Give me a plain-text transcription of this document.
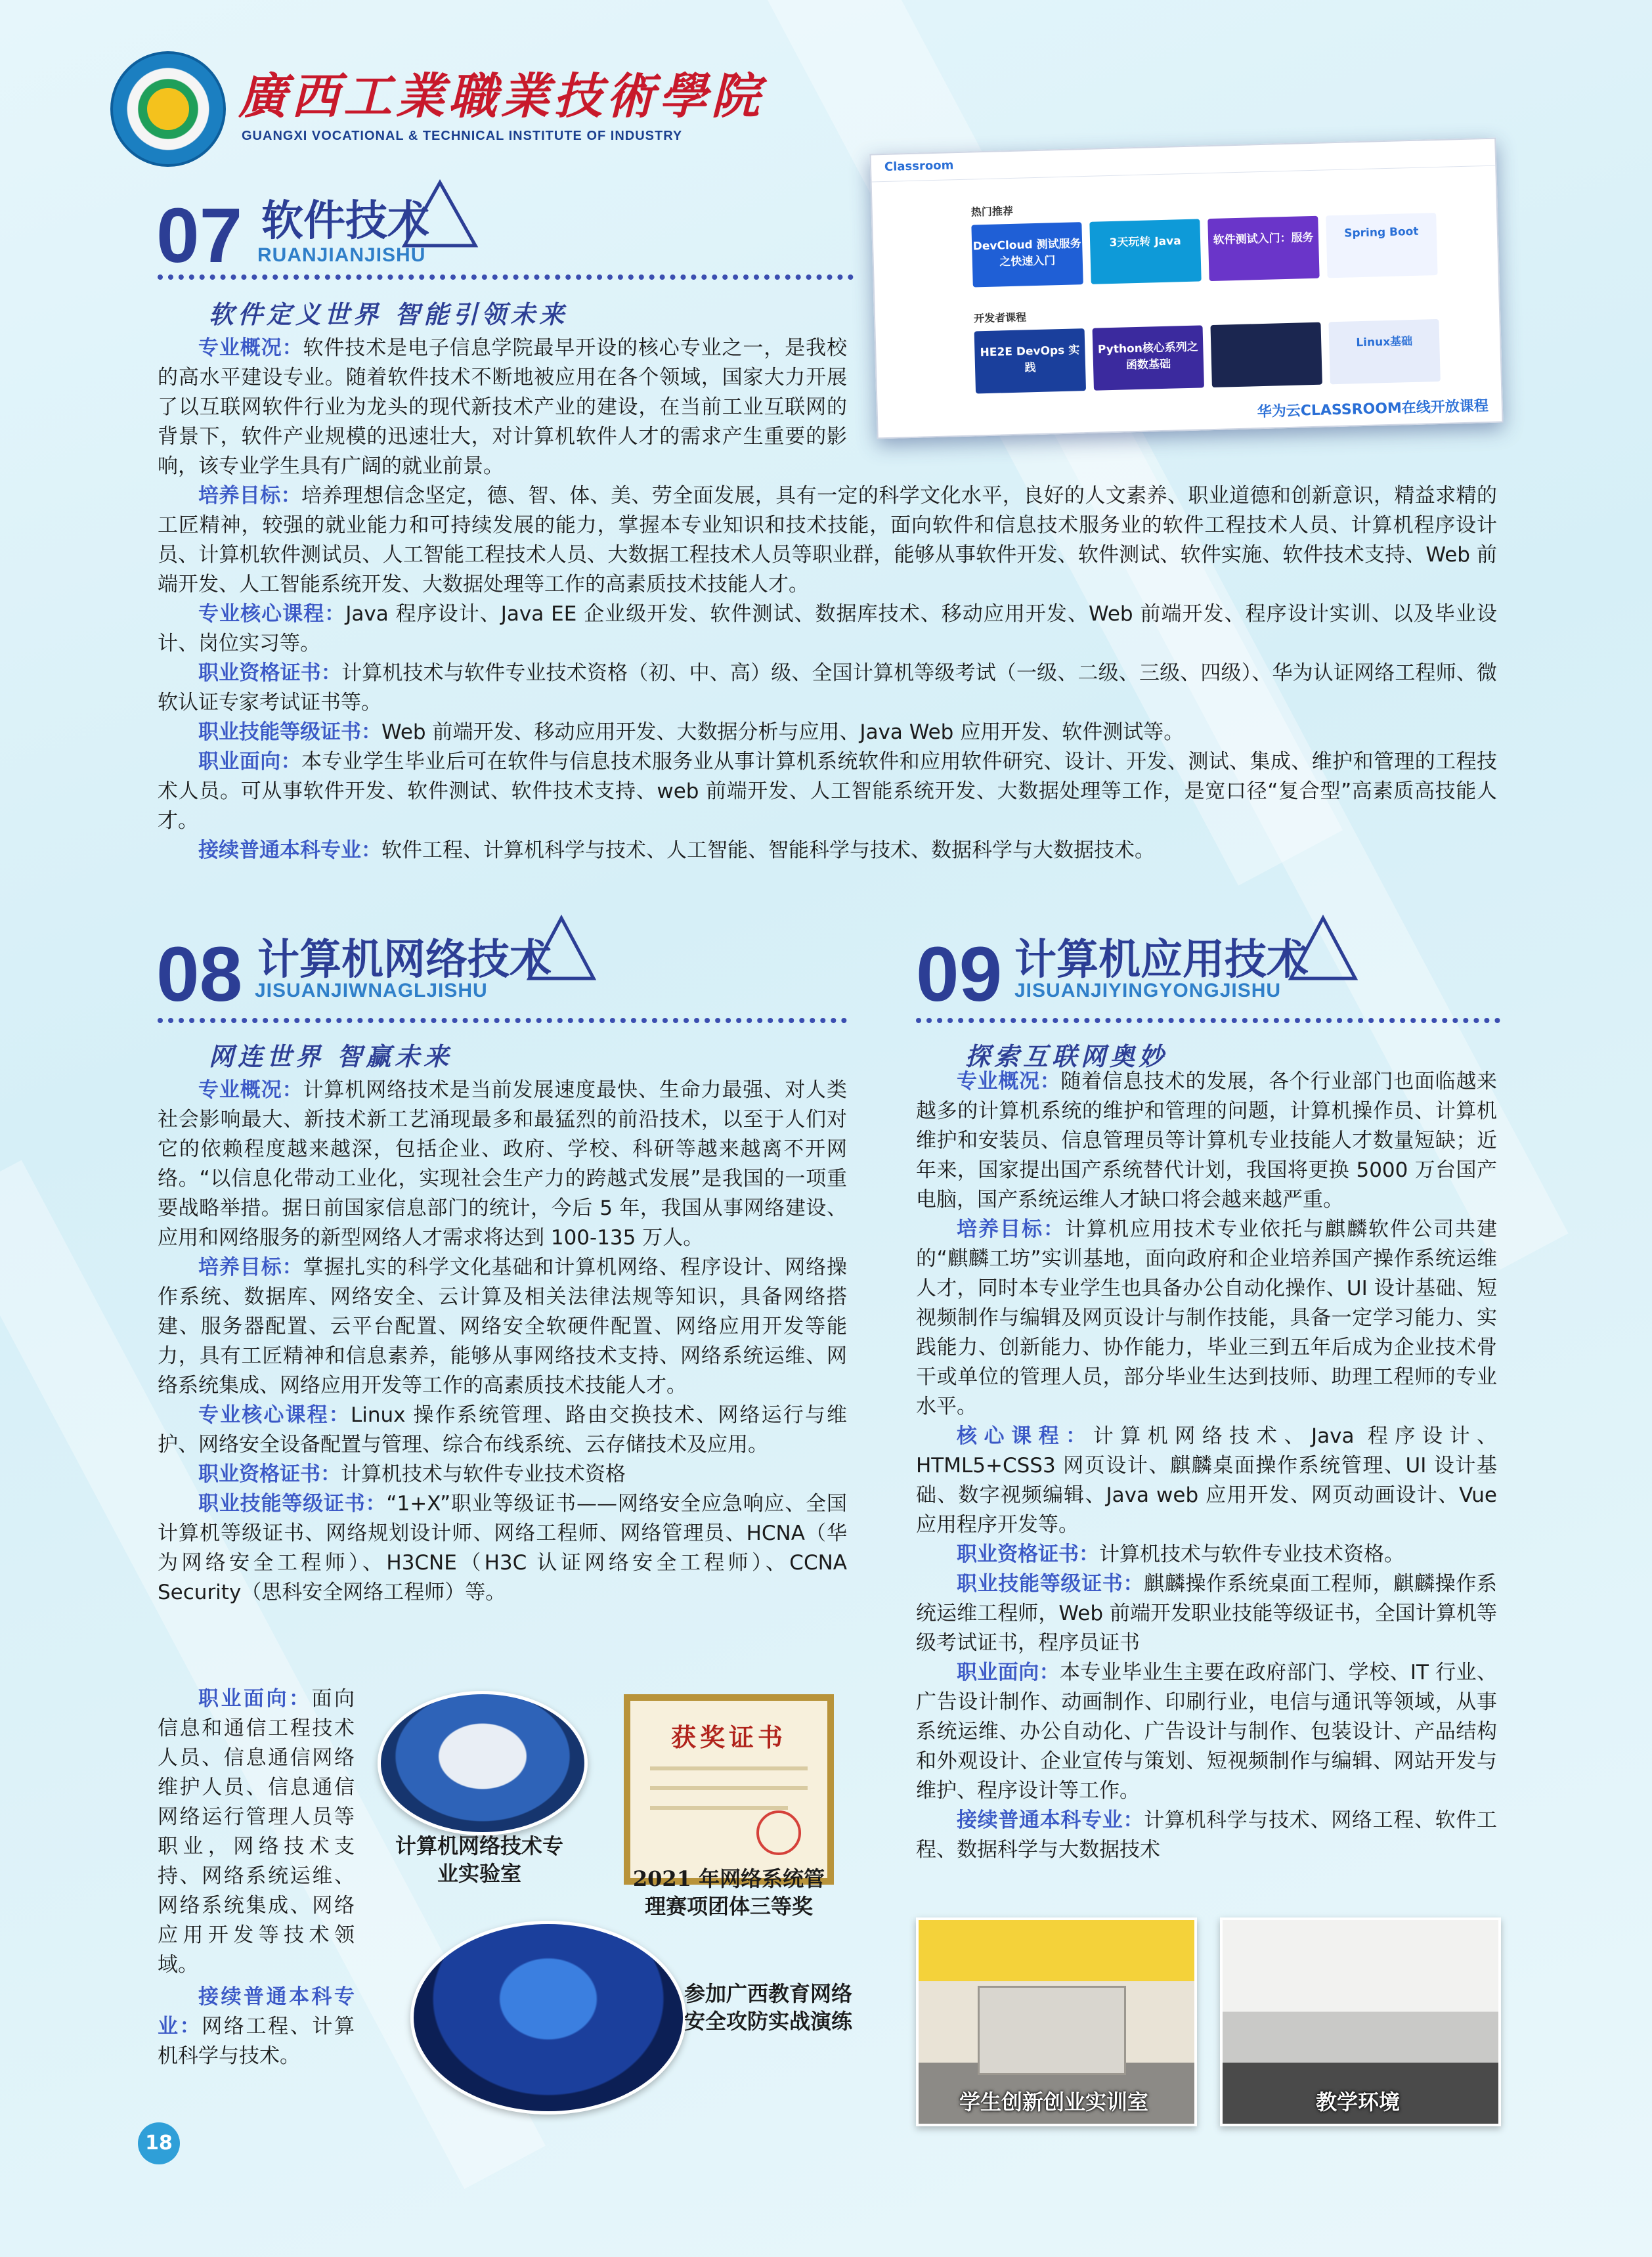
廣西工業職業技術學院
GUANGXI VOCATIONAL & TECHNICAL INSTITUTE OF INDUSTRY
07 软件技术
RUANJIANJISHU
软件定义世界 智能引领未来

专业概况：软件技术是电子信息学院最早开设的核心专业之一，是我校的高水平建设专业。随着软件技术不断地被应用在各个领域，国家大力开展了以互联网软件行业为龙头的现代新技术产业的建设，在当前工业互联网的背景下，软件产业规模的迅速壮大，对计算机软件人才的需求产生重要的影响，该专业学生具有广阔的就业前景。

培养目标：培养理想信念坚定，德、智、体、美、劳全面发展，具有一定的科学文化水平，良好的人文素养、职业道德和创新意识，精益求精的工匠精神，较强的就业能力和可持续发展的能力，掌握本专业知识和技术技能，面向软件和信息技术服务业的软件工程技术人员、计算机程序设计员、计算机软件测试员、人工智能工程技术人员、大数据工程技术人员等职业群，能够从事软件开发、软件测试、软件实施、软件技术支持、Web 前端开发、人工智能系统开发、大数据处理等工作的高素质技术技能人才。

专业核心课程：Java 程序设计、Java EE 企业级开发、软件测试、数据库技术、移动应用开发、Web 前端开发、程序设计实训、以及毕业设计、岗位实习等。

职业资格证书：计算机技术与软件专业技术资格（初、中、高）级、全国计算机等级考试（一级、二级、三级、四级）、华为认证网络工程师、微软认证专家考试证书等。

职业技能等级证书：Web 前端开发、移动应用开发、大数据分析与应用、Java Web 应用开发、软件测试等。

职业面向：本专业学生毕业后可在软件与信息技术服务业从事计算机系统软件和应用软件研究、设计、开发、测试、集成、维护和管理的工程技术人员。可从事软件开发、软件测试、软件技术支持、web 前端开发、人工智能系统开发、大数据处理等工作，是宽口径“复合型”高素质高技能人才。

接续普通本科专业：软件工程、计算机科学与技术、人工智能、智能科学与技术、数据科学与大数据技术。

Classroom
热门推荐
DevCloud 测试服务之快速入门
3天玩转 Java	软件测试入门：服务	Spring Boot
开发者课程
HE2E DevOps 实践
Python核心系列之函数基础
Linux基础
华为云CLASSROOM在线开放课程
08 计算机网络技术
JISUANJIWNAGLJISHU
网连世界 智赢未来

专业概况：计算机网络技术是当前发展速度最快、生命力最强、对人类社会影响最大、新技术新工艺涌现最多和最猛烈的前沿技术，以至于人们对它的依赖程度越来越深，包括企业、政府、学校、科研等越来越离不开网络。“以信息化带动工业化，实现社会生产力的跨越式发展”是我国的一项重要战略举措。据日前国家信息部门的统计，今后 5 年，我国从事网络建设、应用和网络服务的新型网络人才需求将达到 100-135 万人。

培养目标：掌握扎实的科学文化基础和计算机网络、程序设计、网络操作系统、数据库、网络安全、云计算及相关法律法规等知识，具备网络搭建、服务器配置、云平台配置、网络安全软硬件配置、网络应用开发等能力，具有工匠精神和信息素养，能够从事网络技术支持、网络系统运维、网络系统集成、网络应用开发等工作的高素质技术技能人才。

专业核心课程：Linux 操作系统管理、路由交换技术、网络运行与维护、网络安全设备配置与管理、综合布线系统、云存储技术及应用。

职业资格证书：计算机技术与软件专业技术资格

职业技能等级证书：“1+X”职业等级证书——网络安全应急响应、全国计算机等级证书、网络规划设计师、网络工程师、网络管理员、HCNA（华为网络安全工程师）、H3CNE（H3C 认证网络安全工程师）、CCNA Security（思科安全网络工程师）等。

职业面向：面向信息和通信工程技术人员、信息通信网络维护人员、信息通信网络运行管理人员等职业，网络技术支持、网络系统运维、网络系统集成、网络应用开发等技术领域。

接续普通本科专业：网络工程、计算机科学与技术。

计算机网络技术专业实验室
获奖证书
2021 年网络系统管理赛项团体三等奖
参加广西教育网络安全攻防实战演练
09 计算机应用技术
JISUANJIYINGYONGJISHU
探索互联网奥妙

专业概况：随着信息技术的发展，各个行业部门也面临越来越多的计算机系统的维护和管理的问题，计算机操作员、计算机维护和安装员、信息管理员等计算机专业技能人才数量短缺；近年来，国家提出国产系统替代计划，我国将更换 5000 万台国产电脑，国产系统运维人才缺口将会越来越严重。

培养目标：计算机应用技术专业依托与麒麟软件公司共建的“麒麟工坊”实训基地，面向政府和企业培养国产操作系统运维人才，同时本专业学生也具备办公自动化操作、UI 设计基础、短视频制作与编辑及网页设计与制作技能，具备一定学习能力、实践能力、创新能力、协作能力，毕业三到五年后成为企业技术骨干或单位的管理人员，部分毕业生达到技师、助理工程师的专业水平。

核心课程：计算机网络技术、Java 程序设计、HTML5+CSS3 网页设计、麒麟桌面操作系统管理、UI 设计基础、数字视频编辑、Java web 应用开发、网页动画设计、Vue 应用程序开发等。

职业资格证书：计算机技术与软件专业技术资格。

职业技能等级证书：麒麟操作系统桌面工程师，麒麟操作系统运维工程师，Web 前端开发职业技能等级证书，全国计算机等级考试证书，程序员证书

职业面向：本专业毕业生主要在政府部门、学校、IT 行业、广告设计制作、动画制作、印刷行业，电信与通讯等领域，从事系统运维、办公自动化、广告设计与制作、包装设计、产品结构和外观设计、企业宣传与策划、短视频制作与编辑、网站开发与维护、程序设计等工作。

接续普通本科专业：计算机科学与技术、网络工程、软件工程、数据科学与大数据技术

学生创新创业实训室	教学环境
18
